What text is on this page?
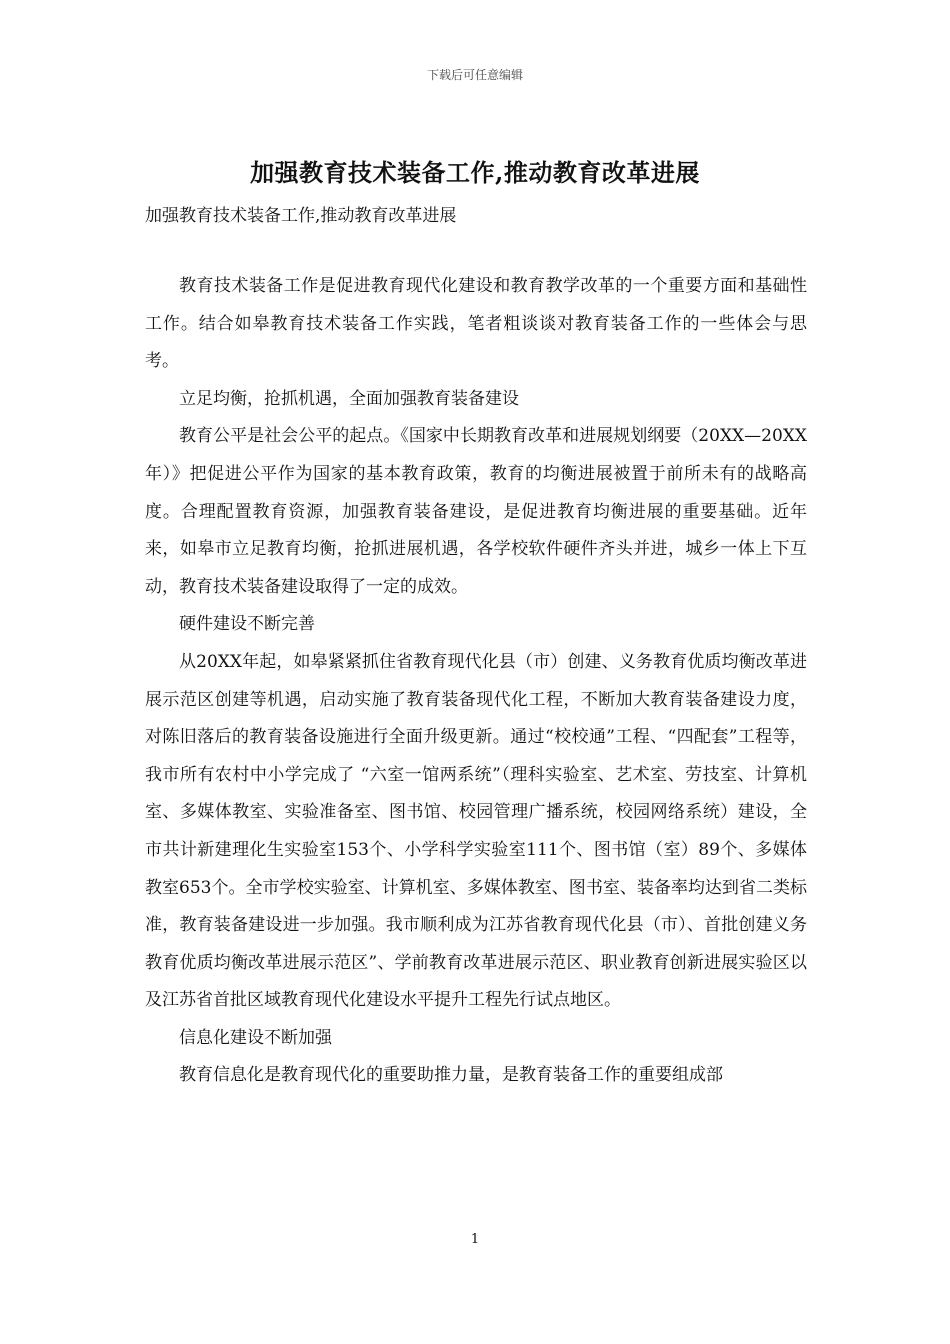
下载后可任意编辑
加强教育技术装备工作,推动教育改革进展
加强教育技术装备工作,推动教育改革进展

教育技术装备工作是促进教育现代化建设和教育教学改革的一个重要方面和基础性工作。结合如皋教育技术装备工作实践，笔者粗谈谈对教育装备工作的一些体会与思考。

立足均衡，抢抓机遇，全面加强教育装备建设

教育公平是社会公平的起点。《国家中长期教育改革和进展规划纲要（20XX—20XX年）》把促进公平作为国家的基本教育政策，教育的均衡进展被置于前所未有的战略高度。合理配置教育资源，加强教育装备建设，是促进教育均衡进展的重要基础。近年来，如皋市立足教育均衡，抢抓进展机遇，各学校软件硬件齐头并进，城乡一体上下互动，教育技术装备建设取得了一定的成效。

硬件建设不断完善

从20XX年起，如皋紧紧抓住省教育现代化县（市）创建、义务教育优质均衡改革进展示范区创建等机遇，启动实施了教育装备现代化工程，不断加大教育装备建设力度，对陈旧落后的教育装备设施进行全面升级更新。通过“校校通”工程、“四配套”工程等，我市所有农村中小学完成了 “六室一馆两系统”（理科实验室、艺术室、劳技室、计算机室、多媒体教室、实验准备室、图书馆、校园管理广播系统，校园网络系统）建设，全市共计新建理化生实验室153个、小学科学实验室111个、图书馆（室）89个、多媒体教室653个。全市学校实验室、计算机室、多媒体教室、图书室、装备率均达到省二类标准，教育装备建设进一步加强。我市顺利成为江苏省教育现代化县（市）、首批创建义务教育优质均衡改革进展示范区”、学前教育改革进展示范区、职业教育创新进展实验区以及江苏省首批区域教育现代化建设水平提升工程先行试点地区。

信息化建设不断加强

教育信息化是教育现代化的重要助推力量，是教育装备工作的重要组成部

1
